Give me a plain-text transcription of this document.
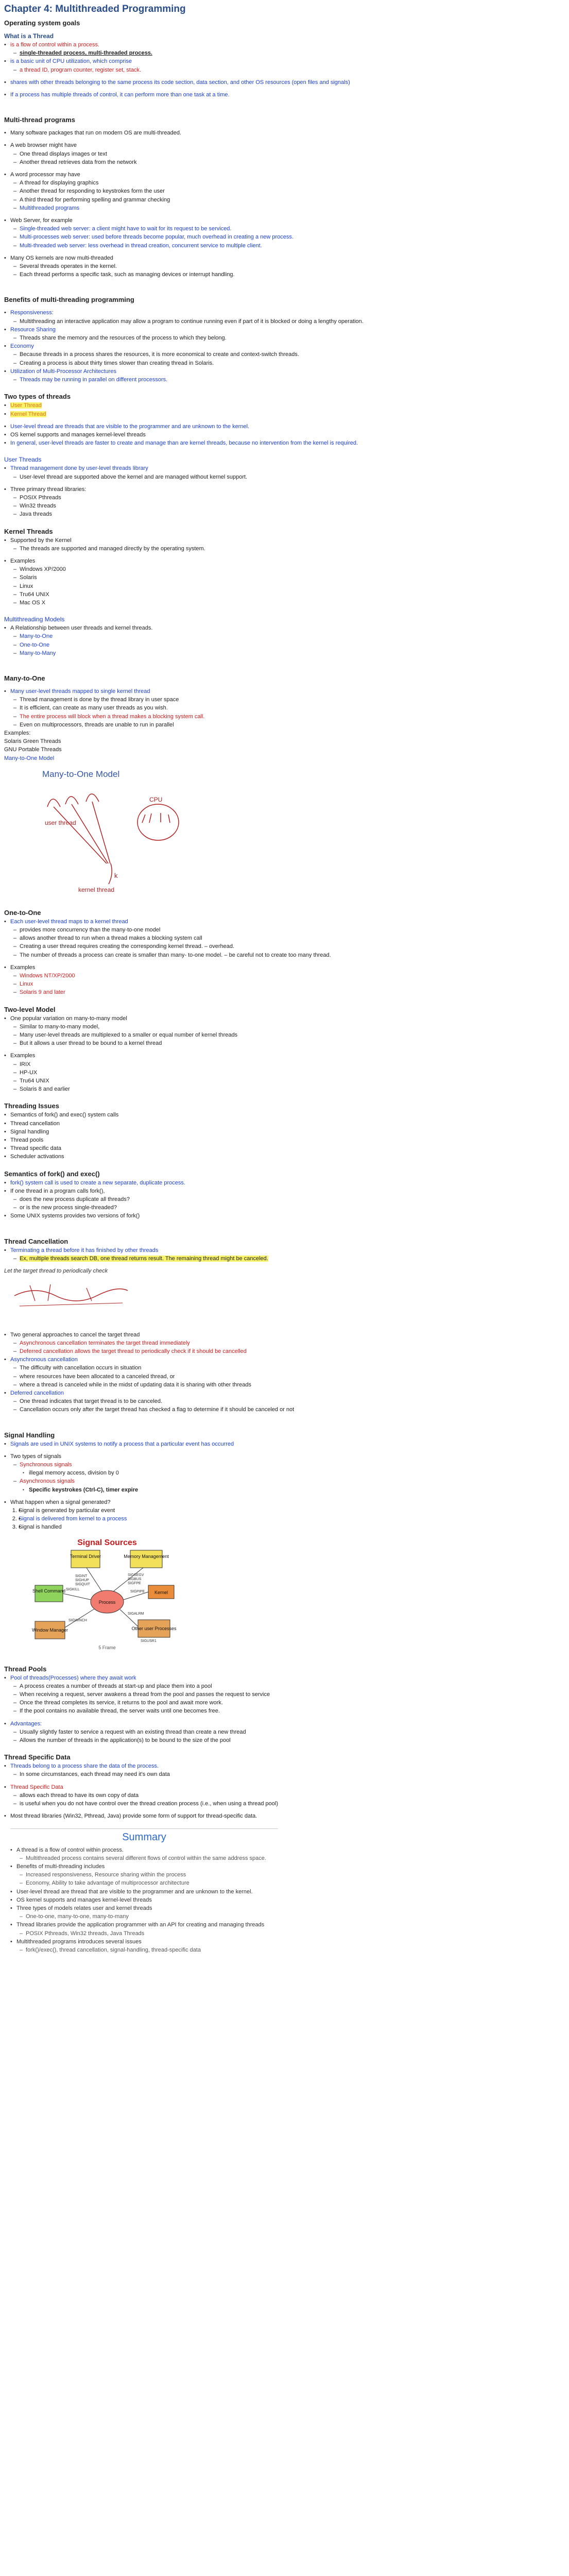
Chapter 4: Multithreaded Programming
Operating system goals
What is a Thread
• is a flow of control within a process.
– single-threaded process, multi-threaded process.
• is a basic unit of CPU utilization, which comprise
– a thread ID, program counter, register set, stack.
• shares with other threads belonging to the same process its code section, data section, and other OS resources (open files and signals)
• If a process has multiple threads of control, it can perform more than one task at a time.
Multi-thread programs
• Many software packages that run on modern OS are multi-threaded.
• A web browser might have
– One thread displays images or text
– Another thread retrieves data from the network
• A word processor may have
– A thread for displaying graphics
– Another thread for responding to keystrokes form the user
– A third thread for performing spelling and grammar checking
– Multithreaded programs
• Web Server, for example
– Single-threaded web server: a client might have to wait for its request to be serviced.
– Multi-processes web server: used before threads become popular, much overhead in creating a new process.
– Multi-threaded web server: less overhead in thread creation, concurrent service to multiple client.
• Many OS kernels are now multi-threaded
– Several threads operates in the kernel.
– Each thread performs a specific task, such as managing devices or interrupt handling.
Benefits of multi-threading programming
• Responsiveness:
– Multithreading an interactive application may allow a program to continue running even if part of it is blocked or doing a lengthy operation.
• Resource Sharing
– Threads share the memory and the resources of the process to which they belong.
• Economy
– Because threads in a process shares the resources, it is more economical to create and context-switch threads.
– Creating a process is about thirty times slower than creating thread in Solaris.
• Utilization of Multi-Processor Architectures
– Threads may be running in parallel on different processors.
Two types of threads
• User Thread
• Kernel Thread
• User-level thread are threads that are visible to the programmer and are unknown to the kernel.
• OS kernel supports and manages kernel-level threads
• In general, user-level threads are faster to create and manage than are kernel threads, because no intervention from the kernel is required.
User Threads
• Thread management done by user-level threads library
– User-level thread are supported above the kernel and are managed without kernel support.
• Three primary thread libraries:
– POSIX Pthreads
– Win32 threads
– Java threads
Kernel Threads
• Supported by the Kernel
– The threads are supported and managed directly by the operating system.
• Examples
– Windows XP/2000
– Solaris
– Linux
– Tru64 UNIX
– Mac OS X
Multithreading Models
• A Relationship between user threads and kernel threads.
– Many-to-One
– One-to-One
– Many-to-Many
Many-to-One
• Many user-level threads mapped to single kernel thread
– Thread management is done by the thread library in user space
– It is efficient, can create as many user threads as you wish.
– The entire process will block when a thread makes a blocking system call.
– Even on multiprocessors, threads are unable to run in parallel
Examples:
Solaris Green Threads
GNU Portable Threads
Many-to-One Model
Many-to-One Model
user thread
k
kernel thread
CPU
One-to-One
• Each user-level thread maps to a kernel thread
– provides more concurrency than the many-to-one model
– allows another thread to run when a thread makes a blocking system call
– Creating a user thread requires creating the corresponding kernel thread. – overhead.
– The number of threads a process can create is smaller than many- to-one model. – be careful not to create too many thread.
• Examples
– Windows NT/XP/2000
– Linux
– Solaris 9 and later
Two-level Model
• One popular variation on many-to-many model
– Similar to many-to-many model,
– Many user-level threads are multiplexed to a smaller or equal number of kernel threads
– But it allows a user thread to be bound to a kernel thread
• Examples
– IRIX
– HP-UX
– Tru64 UNIX
– Solaris 8 and earlier
Threading Issues
• Semantics of fork() and exec() system calls
• Thread cancellation
• Signal handling
• Thread pools
• Thread specific data
• Scheduler activations
Semantics of fork() and exec()
• fork() system call is used to create a new separate, duplicate process.
• If one thread in a program calls fork(),
– does the new process duplicate all threads?
– or is the new process single-threaded?
• Some UNIX systems provides two versions of fork()
Thread Cancellation
• Terminating a thread before it has finished by other threads
– Ex, multiple threads search DB, one thread returns result. The remaining thread might be canceled.
Let the target thread to periodically check
• Two general approaches to cancel the target thread
– Asynchronous cancellation terminates the target thread immediately
– Deferred cancellation allows the target thread to periodically check if it should be cancelled
• Asynchronous cancellation
– The difficulty with cancellation occurs in situation
– where resources have been allocated to a canceled thread, or
– where a thread is canceled while in the midst of updating data it is sharing with other threads
• Deferred cancellation
– One thread indicates that target thread is to be canceled.
– Cancellation occurs only after the target thread has checked a flag to determine if it should be canceled or not
Signal Handling
• Signals are used in UNIX systems to notify a process that a particular event has occurred
• Two types of signals
– Synchronous signals
▪ illegal memory access, division by 0
– Asynchronous signals
▪ Specific keystrokes (Ctrl-C), timer expire
• What happen when a signal generated?
• 1. Signal is generated by particular event
• 2. Signal is delivered from kernel to a process
• 3. Signal is handled
Signal Sources
Terminal Driver	Memory Management
Shell Command	Kernel
Process
Window Manager	Other user Processes
SIGINT
SIGHUP
SIGQUIT
SIGSEGV
SIGBUS
SIGFPE
SIGKILL
SIGPIPE
SIGWINCH
SIGALRM
SIGUSR1
5 Frame
Thread Pools
• Pool of threads(Processes) where they await work
– A process creates a number of threads at start-up and place them into a pool
– When receiving a request, server awakens a thread from the pool and passes the request to service
– Once the thread completes its service, it returns to the pool and await more work.
– If the pool contains no available thread, the server waits until one becomes free.
• Advantages:
– Usually slightly faster to service a request with an existing thread than create a new thread
– Allows the number of threads in the application(s) to be bound to the size of the pool
Thread Specific Data
• Threads belong to a process share the data of the process.
– In some circumstances, each thread may need it's own data
• Thread Specific Data
– allows each thread to have its own copy of data
– is useful when you do not have control over the thread creation process (i.e., when using a thread pool)
• Most thread libraries (Win32, Pthread, Java) provide some form of support for thread-specific data.
Summary
• A thread is a flow of control within process.
– Multithreaded process contains several different flows of control within the same address space.
• Benefits of multi-threading includes
– Increased responsiveness, Resource sharing within the process
– Economy, Ability to take advantage of multiprocessor architecture
• User-level thread are thread that are visible to the programmer and are unknown to the kernel.
• OS kernel supports and manages kernel-level threads
• Three types of models relates user and kernel threads
– One-to-one, many-to-one, many-to-many
• Thread libraries provide the application programmer with an API for creating and managing threads
– POSIX Pthreads, Win32 threads, Java Threads
• Multithreaded programs introduces several issues
– fork()/exec(), thread cancellation, signal-handling, thread-specific data
